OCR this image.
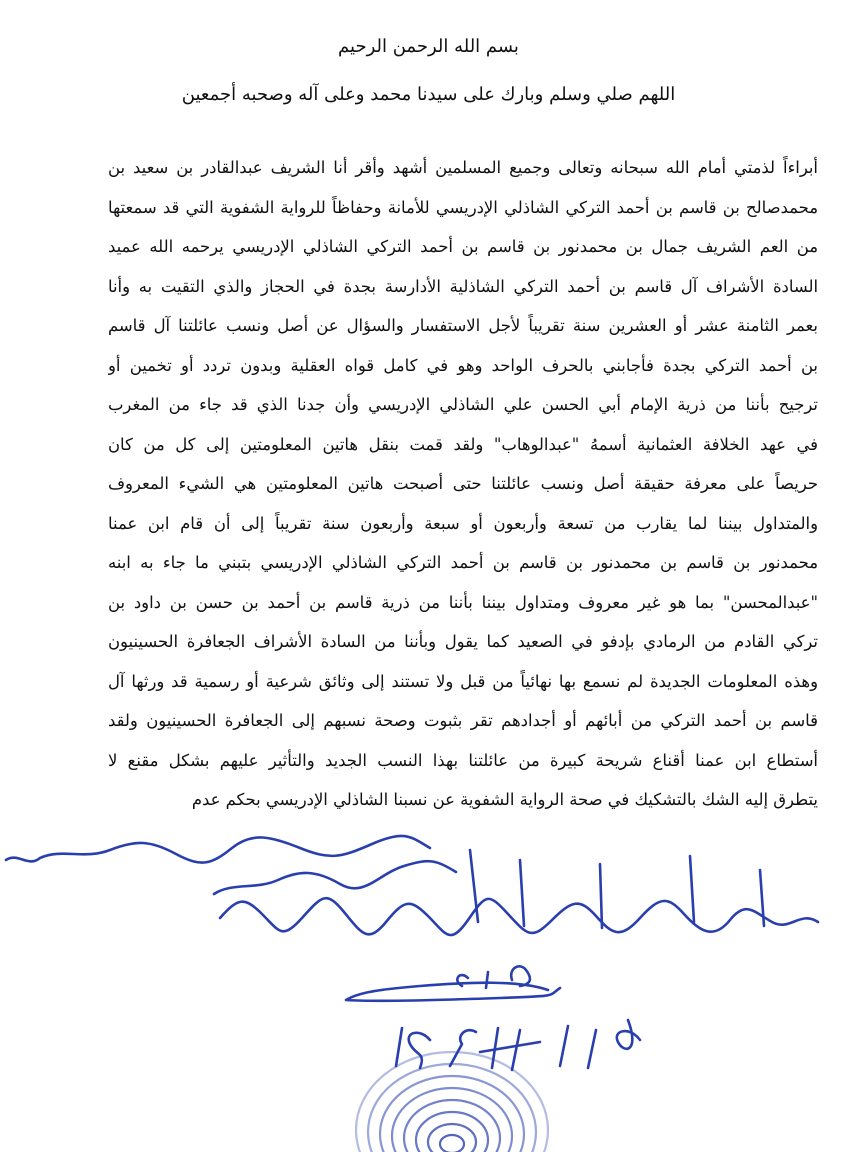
بسم الله الرحمن الرحيم
اللهم صلي وسلم وبارك على سيدنا محمد وعلى آله وصحبه أجمعين
أبراءاً لذمتي أمام الله سبحانه وتعالى وجميع المسلمين أشهد وأقر أنا الشريف عبدالقادر بن سعيد بن
محمدصالح بن قاسم بن أحمد التركي الشاذلي الإدريسي للأمانة وحفاظاً للرواية الشفوية التي قد سمعتها
من العم الشريف جمال بن محمدنور بن قاسم بن أحمد التركي الشاذلي الإدريسي يرحمه الله عميد
السادة الأشراف آل قاسم بن أحمد التركي الشاذلية الأدارسة بجدة في الحجاز والذي التقيت به وأنا
بعمر الثامنة عشر أو العشرين سنة تقريباً لأجل الاستفسار والسؤال عن أصل ونسب عائلتنا آل قاسم
بن أحمد التركي بجدة فأجابني بالحرف الواحد وهو في كامل قواه العقلية وبدون تردد أو تخمين أو
ترجيح بأننا من ذرية الإمام أبي الحسن علي الشاذلي الإدريسي وأن جدنا الذي قد جاء من المغرب
في عهد الخلافة العثمانية أسمهُ "عبدالوهاب" ولقد قمت بنقل هاتين المعلومتين إلى كل من كان
حريصاً على معرفة حقيقة أصل ونسب عائلتنا حتى أصبحت هاتين المعلومتين هي الشيء المعروف
والمتداول بيننا لما يقارب من تسعة وأربعون أو سبعة وأربعون سنة تقريباً إلى أن قام ابن عمنا
محمدنور بن قاسم بن محمدنور بن قاسم بن أحمد التركي الشاذلي الإدريسي بتبني ما جاء به ابنه
"عبدالمحسن" بما هو غير معروف ومتداول بيننا بأننا من ذرية قاسم بن أحمد بن حسن بن داود بن
تركي القادم من الرمادي بإدفو في الصعيد كما يقول وبأننا من السادة الأشراف الجعافرة الحسينيون
وهذه المعلومات الجديدة لم نسمع بها نهائياً من قبل ولا تستند إلى وثائق شرعية أو رسمية قد ورثها آل
قاسم بن أحمد التركي من أبائهم أو أجدادهم تقر بثبوت وصحة نسبهم إلى الجعافرة الحسينيون ولقد
أستطاع ابن عمنا أقناع شريحة كبيرة من عائلتنا بهذا النسب الجديد والتأثير عليهم بشكل مقنع لا
يتطرق إليه الشك بالتشكيك في صحة الرواية الشفوية عن نسبنا الشاذلي الإدريسي بحكم عدم
